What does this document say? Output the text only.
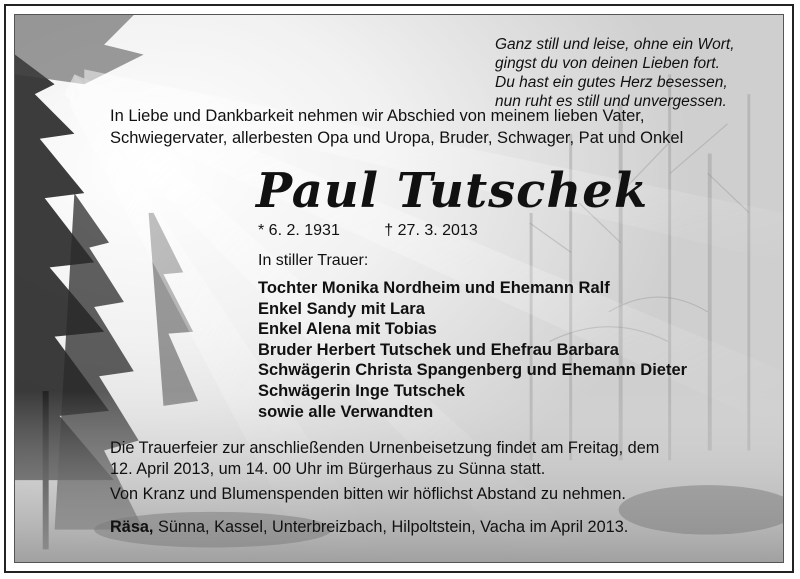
Ganz still und leise, ohne ein Wort,
gingst du von deinen Lieben fort.
Du hast ein gutes Herz besessen,
nun ruht es still und unvergessen.
In Liebe und Dankbarkeit nehmen wir Abschied von meinem lieben Vater,
Schwiegervater, allerbesten Opa und Uropa, Bruder, Schwager, Pat und Onkel
Paul Tutschek
* 6. 2. 1931	† 27. 3. 2013
In stiller Trauer:
Tochter Monika Nordheim und Ehemann Ralf
Enkel Sandy mit Lara
Enkel Alena mit Tobias
Bruder Herbert Tutschek und Ehefrau Barbara
Schwägerin Christa Spangenberg und Ehemann Dieter
Schwägerin Inge Tutschek
sowie alle Verwandten
Die Trauerfeier zur anschließenden Urnenbeisetzung findet am Freitag, dem
12. April 2013, um 14. 00 Uhr im Bürgerhaus zu Sünna statt.
Von Kranz und Blumenspenden bitten wir höflichst Abstand zu nehmen.
Räsa, Sünna, Kassel, Unterbreizbach, Hilpoltstein, Vacha im April 2013.
